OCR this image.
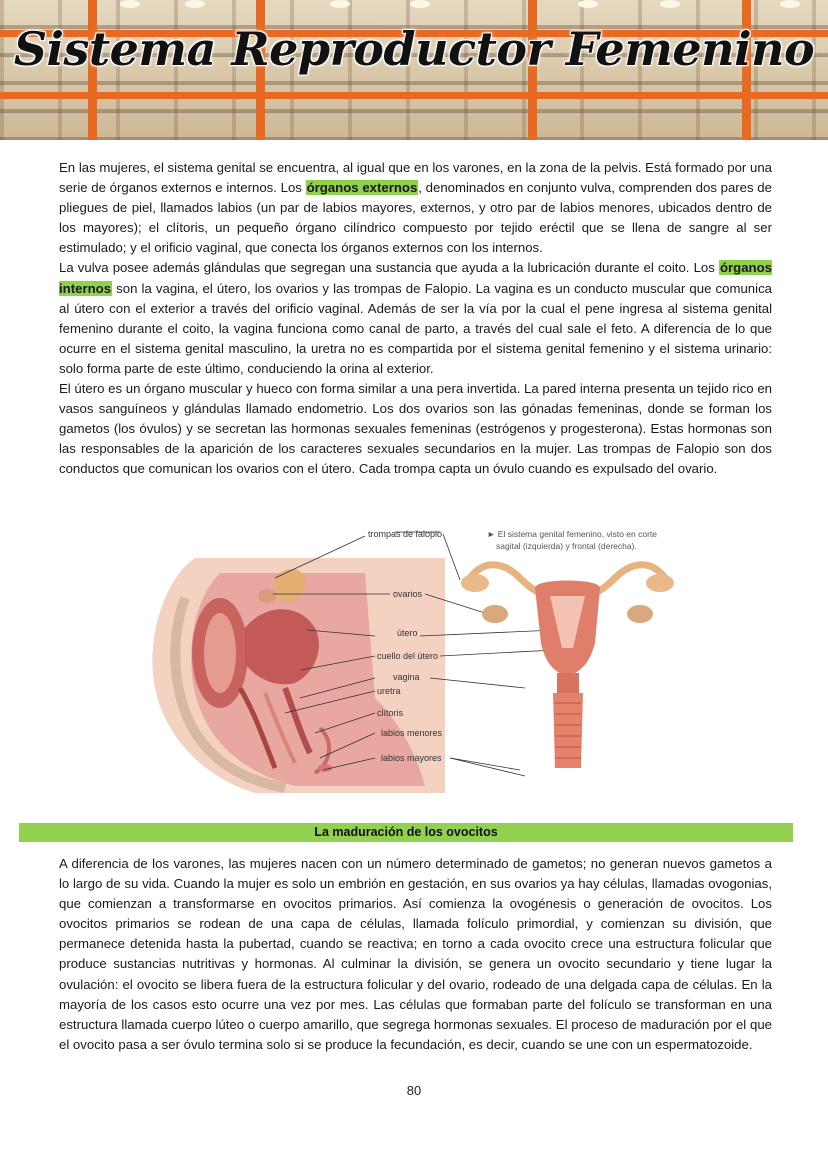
Sistema Reproductor Femenino

En las mujeres, el sistema genital se encuentra, al igual que en los varones, en la zona de la pelvis. Está formado por una serie de órganos externos e internos. Los órganos externos, denominados en conjunto vulva, comprenden dos pares de pliegues de piel, llamados labios (un par de labios mayores, externos, y otro par de labios menores, ubicados dentro de los mayores); el clítoris, un pequeño órgano cilíndrico compuesto por tejido eréctil que se llena de sangre al ser estimulado; y el orificio vaginal, que conecta los órganos externos con los internos.

La vulva posee además glándulas que segregan una sustancia que ayuda a la lubricación durante el coito. Los órganos internos son la vagina, el útero, los ovarios y las trompas de Falopio. La vagina es un conducto muscular que comunica al útero con el exterior a través del orificio vaginal. Además de ser la vía por la cual el pene ingresa al sistema genital femenino durante el coito, la vagina funciona como canal de parto, a través del cual sale el feto. A diferencia de lo que ocurre en el sistema genital masculino, la uretra no es compartida por el sistema genital femenino y el sistema urinario: solo forma parte de este último, conduciendo la orina al exterior.

El útero es un órgano muscular y hueco con forma similar a una pera invertida. La pared interna presenta un tejido rico en vasos sanguíneos y glándulas llamado endometrio. Los dos ovarios son las gónadas femeninas, donde se forman los gametos (los óvulos) y se secretan las hormonas sexuales femeninas (estrógenos y progesterona). Estas hormonas son las responsables de la aparición de los caracteres sexuales secundarios en la mujer. Las trompas de Falopio son dos conductos que comunican los ovarios con el útero. Cada trompa capta un óvulo cuando es expulsado del ovario.

trompas de falopio
ovarios
útero
cuello del útero
vagina
uretra
clítoris
labios menores
labios mayores
► El sistema genital femenino, visto en corte
sagital (izquierda) y frontal (derecha).
La maduración de los ovocitos

A diferencia de los varones, las mujeres nacen con un número determinado de gametos; no generan nuevos gametos a lo largo de su vida. Cuando la mujer es solo un embrión en gestación, en sus ovarios ya hay células, llamadas ovogonias, que comienzan a transformarse en ovocitos primarios. Así comienza la ovogénesis o generación de ovocitos. Los ovocitos primarios se rodean de una capa de células, llamada folículo primordial, y comienzan su división, que permanece detenida hasta la pubertad, cuando se reactiva; en torno a cada ovocito crece una estructura folicular que produce sustancias nutritivas y hormonas. Al culminar la división, se genera un ovocito secundario y tiene lugar la ovulación: el ovocito se libera fuera de la estructura folicular y del ovario, rodeado de una delgada capa de células. En la mayoría de los casos esto ocurre una vez por mes. Las células que formaban parte del folículo se transforman en una estructura llamada cuerpo lúteo o cuerpo amarillo, que segrega hormonas sexuales. El proceso de maduración por el que el ovocito pasa a ser óvulo termina solo si se produce la fecundación, es decir, cuando se une con un espermatozoide.

80
